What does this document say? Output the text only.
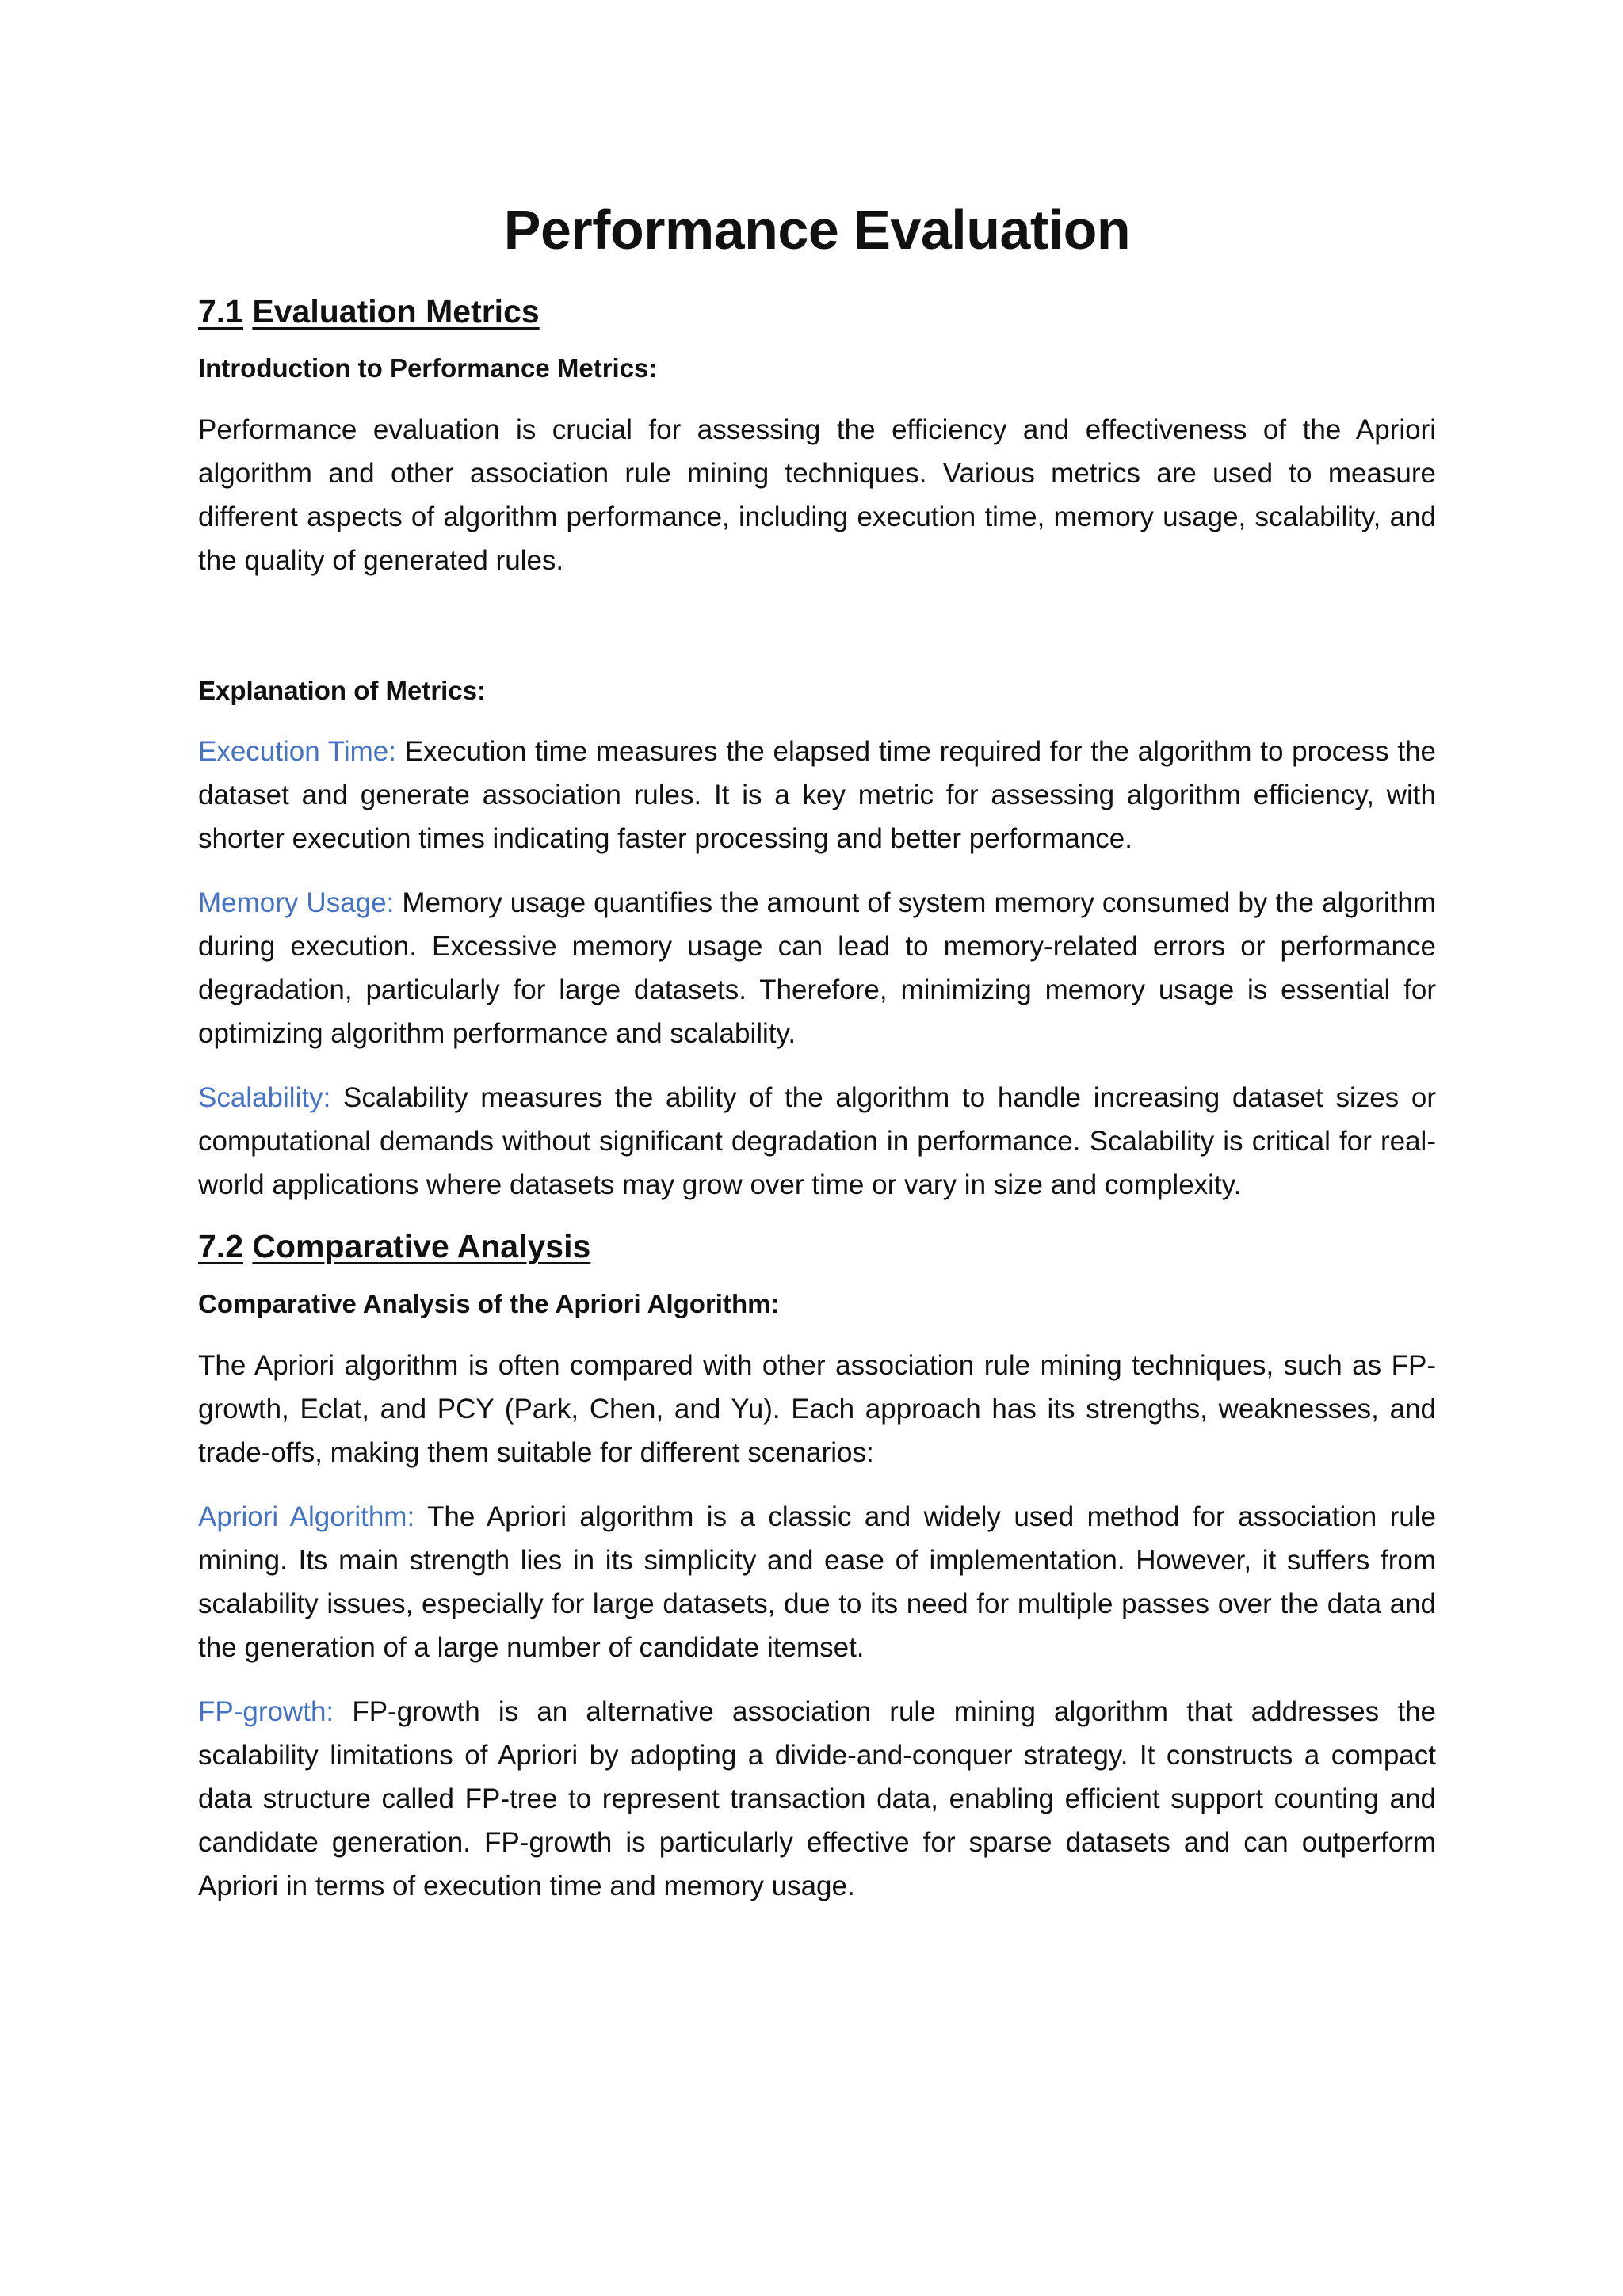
Performance Evaluation
7.1 Evaluation Metrics
Introduction to Performance Metrics:

Performance evaluation is crucial for assessing the efficiency and effectiveness of the Apriori algorithm and other association rule mining techniques. Various metrics are used to measure different aspects of algorithm performance, including execution time, memory usage, scalability, and the quality of generated rules.

Explanation of Metrics:

Execution Time: Execution time measures the elapsed time required for the algorithm to process the dataset and generate association rules. It is a key metric for assessing algorithm efficiency, with shorter execution times indicating faster processing and better performance.

Memory Usage: Memory usage quantifies the amount of system memory consumed by the algorithm during execution. Excessive memory usage can lead to memory-related errors or performance degradation, particularly for large datasets. Therefore, minimizing memory usage is essential for optimizing algorithm performance and scalability.

Scalability: Scalability measures the ability of the algorithm to handle increasing dataset sizes or computational demands without significant degradation in performance. Scalability is critical for real-world applications where datasets may grow over time or vary in size and complexity.

7.2 Comparative Analysis
Comparative Analysis of the Apriori Algorithm:

The Apriori algorithm is often compared with other association rule mining techniques, such as FP-growth, Eclat, and PCY (Park, Chen, and Yu). Each approach has its strengths, weaknesses, and trade-offs, making them suitable for different scenarios:

Apriori Algorithm: The Apriori algorithm is a classic and widely used method for association rule mining. Its main strength lies in its simplicity and ease of implementation. However, it suffers from scalability issues, especially for large datasets, due to its need for multiple passes over the data and the generation of a large number of candidate itemset.

FP-growth: FP-growth is an alternative association rule mining algorithm that addresses the scalability limitations of Apriori by adopting a divide-and-conquer strategy. It constructs a compact data structure called FP-tree to represent transaction data, enabling efficient support counting and candidate generation. FP-growth is particularly effective for sparse datasets and can outperform Apriori in terms of execution time and memory usage.
